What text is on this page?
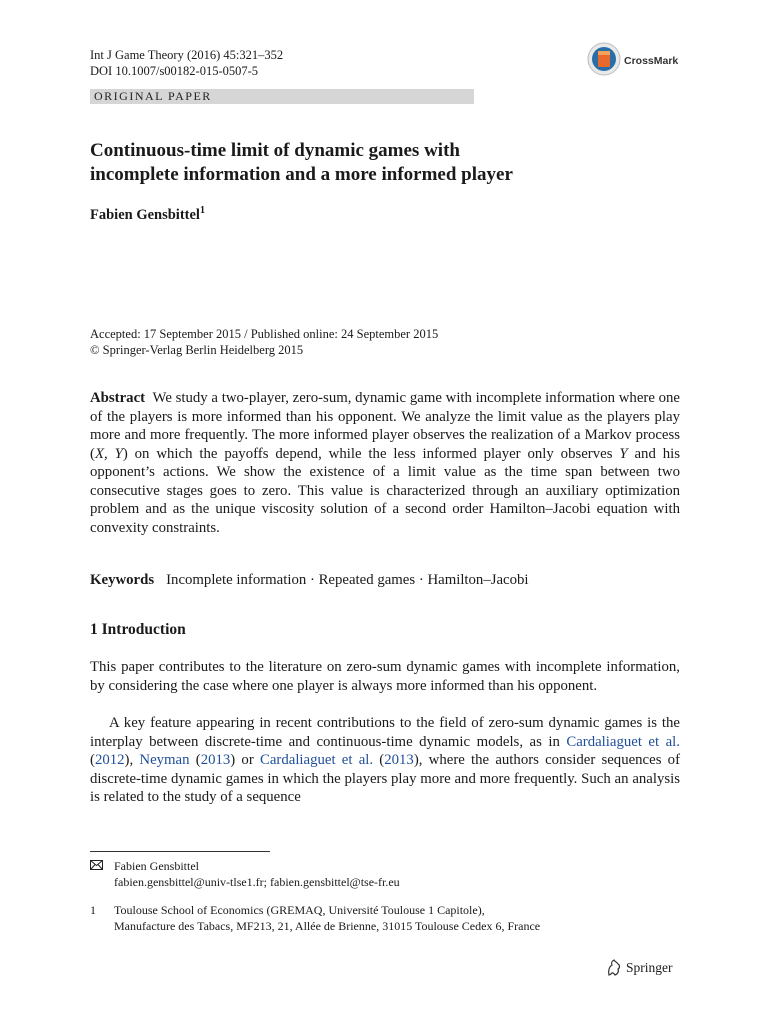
Int J Game Theory (2016) 45:321–352
DOI 10.1007/s00182-015-0507-5
CrossMark
ORIGINAL PAPER
Continuous-time limit of dynamic games with
incomplete information and a more informed player
Fabien Gensbittel$^1$
Accepted: 17 September 2015 / Published online: 24 September 2015
© Springer-Verlag Berlin Heidelberg 2015
Abstract We study a two-player, zero-sum, dynamic game with incomplete information where one of the players is more informed than his opponent. We analyze the limit value as the players play more and more frequently. The more informed player observes the realization of a Markov process (X, Y) on which the payoffs depend, while the less informed player only observes Y and his opponent’s actions. We show the existence of a limit value as the time span between two consecutive stages goes to zero. This value is characterized through an auxiliary optimization problem and as the unique viscosity solution of a second order Hamilton–Jacobi equation with convexity constraints.
Keywords Incomplete information · Repeated games · Hamilton–Jacobi
1 Introduction
This paper contributes to the literature on zero-sum dynamic games with incomplete information, by considering the case where one player is always more informed than his opponent.
A key feature appearing in recent contributions to the field of zero-sum dynamic games is the interplay between discrete-time and continuous-time dynamic models, as in Cardaliaguet et al. (2012), Neyman (2013) or Cardaliaguet et al. (2013), where the authors consider sequences of discrete-time dynamic games in which the players play more and more frequently. Such an analysis is related to the study of a sequence
Fabien Gensbittel
fabien.gensbittel@univ-tlse1.fr; fabien.gensbittel@tse-fr.eu
1	Toulouse School of Economics (GREMAQ, Université Toulouse 1 Capitole),
Manufacture des Tabacs, MF213, 21, Allée de Brienne, 31015 Toulouse Cedex 6, France
Springer
